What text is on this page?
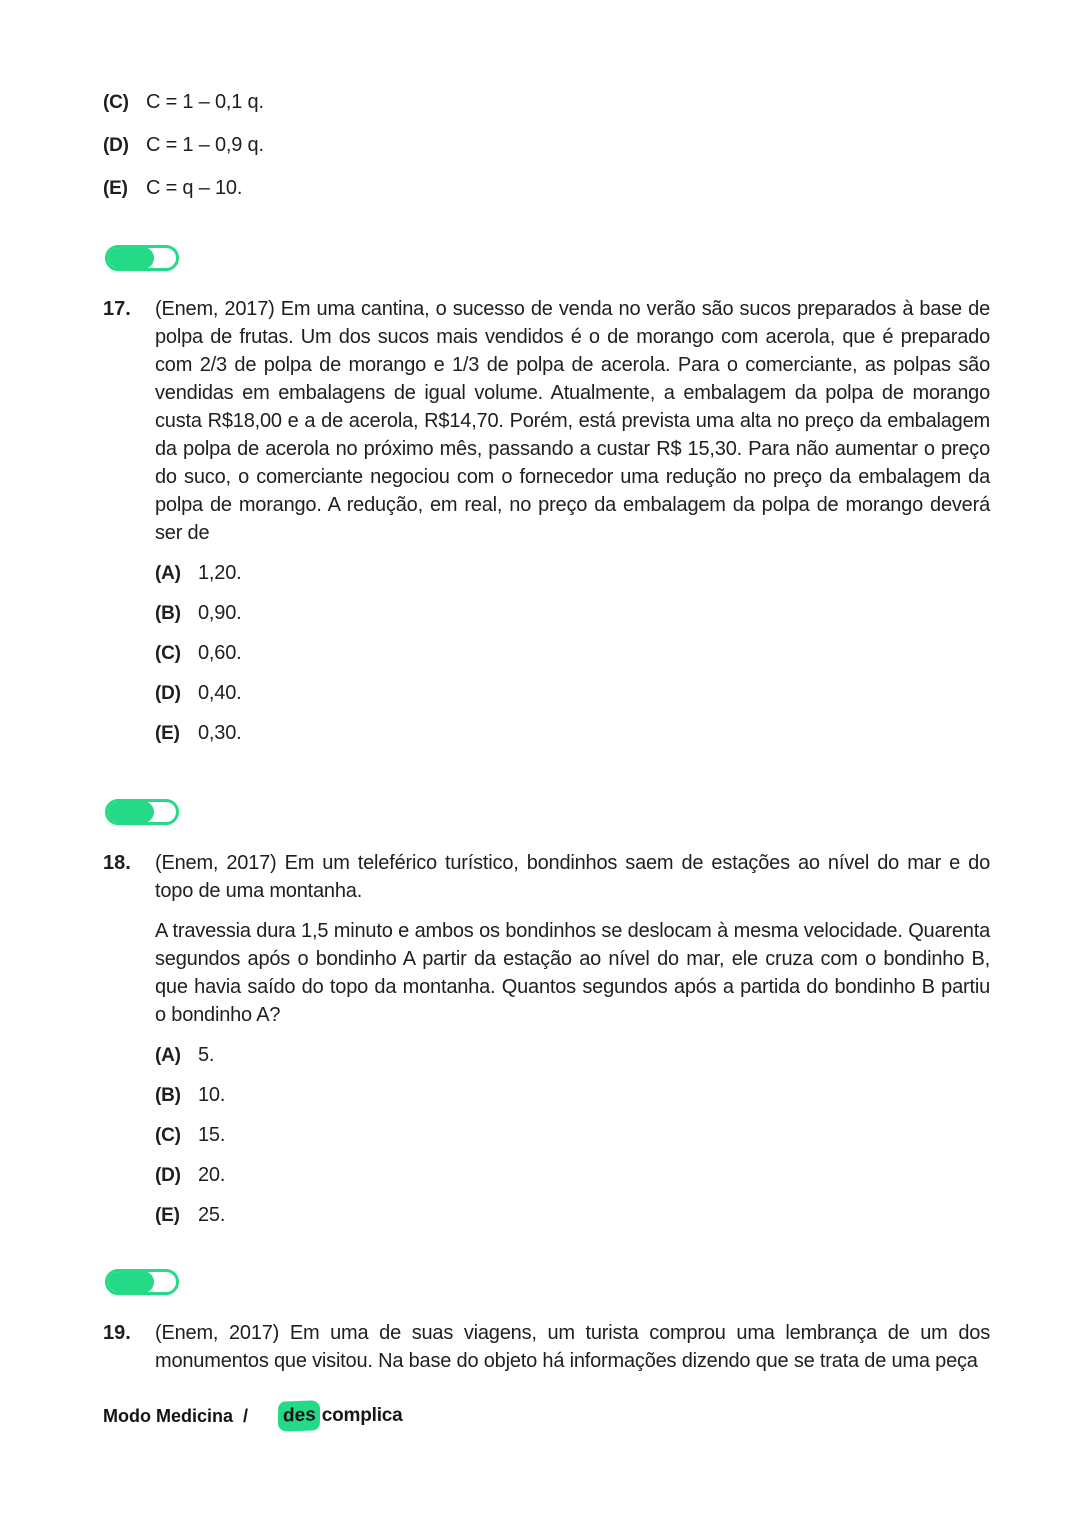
(C) C = 1 – 0,1 q.
(D) C = 1 – 0,9 q.
(E) C = q – 10.
17.	(Enem, 2017) Em uma cantina, o sucesso de venda no verão são sucos preparados à base de polpa de frutas. Um dos sucos mais vendidos é o de morango com acerola, que é preparado com 2/3 de polpa de morango e 1/3 de polpa de acerola. Para o comerciante, as polpas são vendidas em embalagens de igual volume. Atualmente, a embalagem da polpa de morango custa R$18,00 e a de acerola, R$14,70. Porém, está prevista uma alta no preço da embalagem da polpa de acerola no próximo mês, passando a custar R$ 15,30. Para não aumentar o preço do suco, o comerciante negociou com o fornecedor uma redução no preço da embalagem da polpa de morango. A redução, em real, no preço da embalagem da polpa de morango deverá ser de

(A) 1,20.
(B) 0,90.
(C) 0,60.
(D) 0,40.
(E) 0,30.
18.	(Enem, 2017) Em um teleférico turístico, bondinhos saem de estações ao nível do mar e do topo de uma montanha.

A travessia dura 1,5 minuto e ambos os bondinhos se deslocam à mesma velocidade. Quarenta segundos após o bondinho A partir da estação ao nível do mar, ele cruza com o bondinho B, que havia saído do topo da montanha. Quantos segundos após a partida do bondinho B partiu o bondinho A?

(A) 5.
(B) 10.
(C) 15.
(D) 20.
(E) 25.
19.	(Enem, 2017) Em uma de suas viagens, um turista comprou uma lembrança de um dos monumentos que visitou. Na base do objeto há informações dizendo que se trata de uma peça

Modo Medicina / des complica
